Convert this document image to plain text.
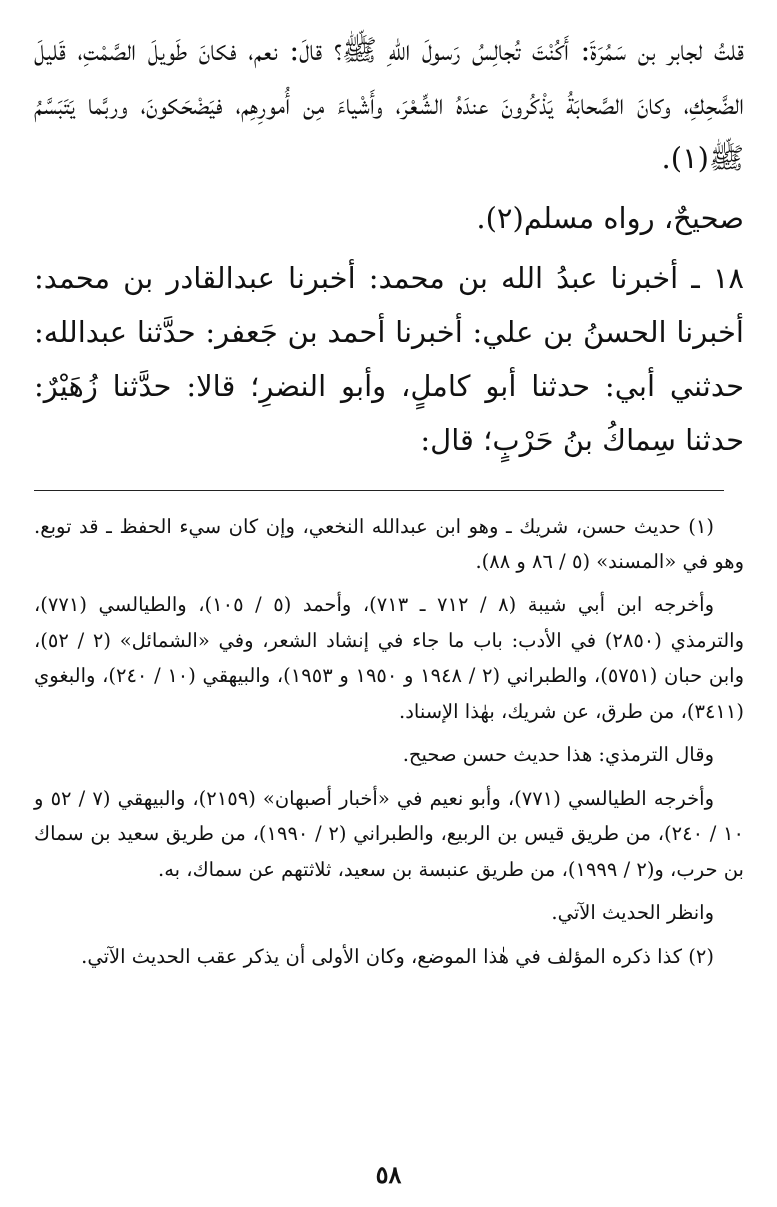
قلتُ لجابر بن سَمُرَةَ: أَكُنْتَ تُجالِسُ رَسولَ اللهِ ﷺ؟ قالَ: نعم، فكانَ طَويلَ الصَّمْتِ، قَليلَ الضَّحِكِ، وكانَ الصَّحابَةُ يَذْكُرونَ عندَهُ الشِّعْرَ، وأَشْياءَ مِن أُمورِهِم، فيَضْحَكونَ، وربَّما يَتَبَسَّمُ ﷺ(١).

صحيحٌ، رواه مسلم(٢).

١٨ ـ أخبرنا عبدُ الله بن محمد: أخبرنا عبدالقادر بن محمد: أخبرنا الحسنُ بن علي: أخبرنا أحمد بن جَعفر: حدَّثنا عبدالله: حدثني أبي: حدثنا أبو كاملٍ، وأبو النضرِ؛ قالا: حدَّثنا زُهَيْرٌ: حدثنا سِماكُ بنُ حَرْبٍ؛ قال:

(١) حديث حسن، شريك ـ وهو ابن عبدالله النخعي، وإن كان سيء الحفظ ـ قد توبع. وهو في «المسند» (٥ / ٨٦ و ٨٨).

وأخرجه ابن أبي شيبة (٨ / ٧١٢ ـ ٧١٣)، وأحمد (٥ / ١٠٥)، والطيالسي (٧٧١)، والترمذي (٢٨٥٠) في الأدب: باب ما جاء في إنشاد الشعر، وفي «الشمائل» (٢ / ٥٢)، وابن حبان (٥٧٥١)، والطبراني (٢ / ١٩٤٨ و ١٩٥٠ و ١٩٥٣)، والبيهقي (١٠ / ٢٤٠)، والبغوي (٣٤١١)، من طرق، عن شريك، بهٰذا الإسناد.

وقال الترمذي: هذا حديث حسن صحيح.

وأخرجه الطيالسي (٧٧١)، وأبو نعيم في «أخبار أصبهان» (٢١٥٩)، والبيهقي (٧ / ٥٢ و ١٠ / ٢٤٠)، من طريق قيس بن الربيع، والطبراني (٢ / ١٩٩٠)، من طريق سعيد بن سماك بن حرب، و(٢ / ١٩٩٩)، من طريق عنبسة بن سعيد، ثلاثتهم عن سماك، به.

وانظر الحديث الآتي.

(٢) كذا ذكره المؤلف في هٰذا الموضع، وكان الأولى أن يذكر عقب الحديث الآتي.

٥٨
